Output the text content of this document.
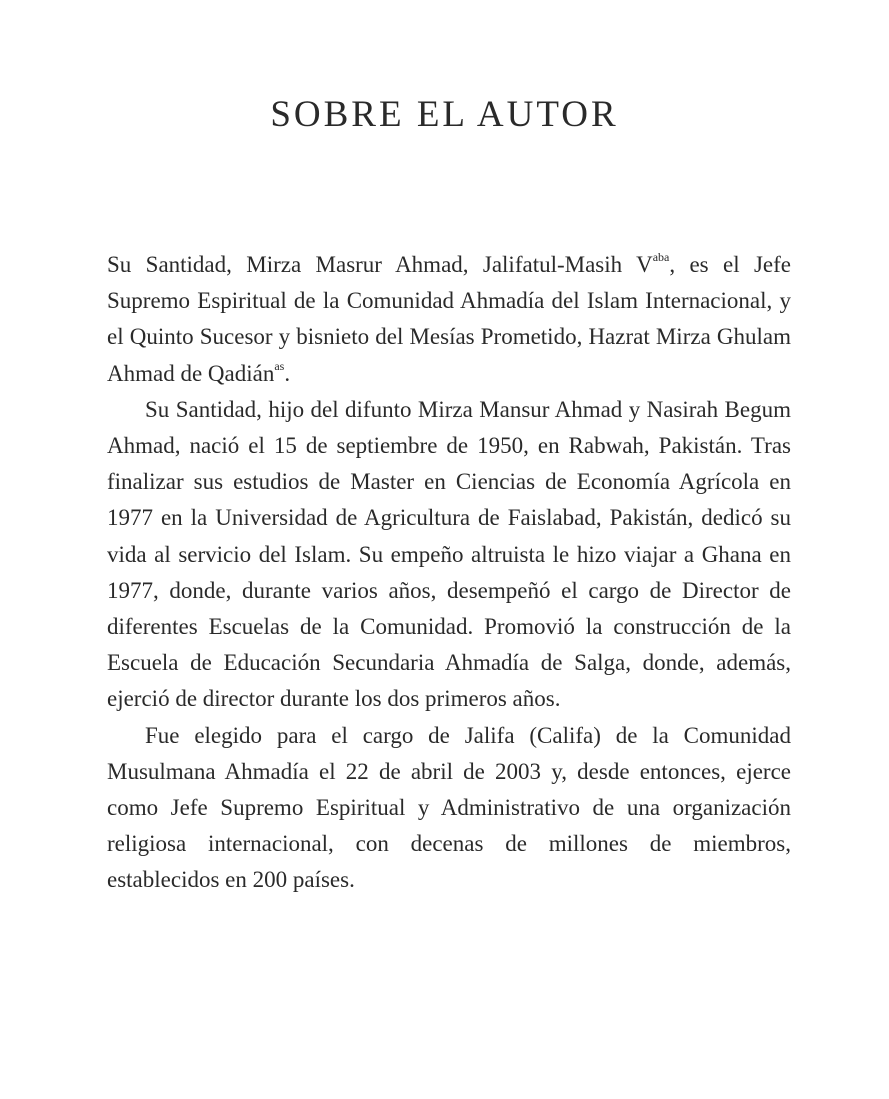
SOBRE EL AUTOR

Su Santidad, Mirza Masrur Ahmad, Jalifatul-Masih $V^{aba}$, es el Jefe Supremo Espiritual de la Comunidad Ahmadía del Islam Internacional, y el Quinto Sucesor y bisnieto del Mesías Prometido, Hazrat Mirza Ghulam Ahmad de Qadián$^{as}$.

Su Santidad, hijo del difunto Mirza Mansur Ahmad y Nasirah Begum Ahmad, nació el 15 de septiembre de 1950, en Rabwah, Pakistán. Tras finalizar sus estudios de Master en Ciencias de Economía Agrícola en 1977 en la Universidad de Agricultura de Faislabad, Pakistán, dedicó su vida al servicio del Islam. Su empeño altruista le hizo viajar a Ghana en 1977, donde, durante varios años, desempeñó el cargo de Director de diferentes Escuelas de la Comunidad. Promovió la construcción de la Escuela de Educación Secundaria Ahmadía de Salga, donde, además, ejerció de director durante los dos primeros años.

Fue elegido para el cargo de Jalifa (Califa) de la Comunidad Musulmana Ahmadía el 22 de abril de 2003 y, desde entonces, ejerce como Jefe Supremo Espiritual y Administrativo de una organización religiosa internacional, con decenas de millones de miembros, establecidos en 200 países.
